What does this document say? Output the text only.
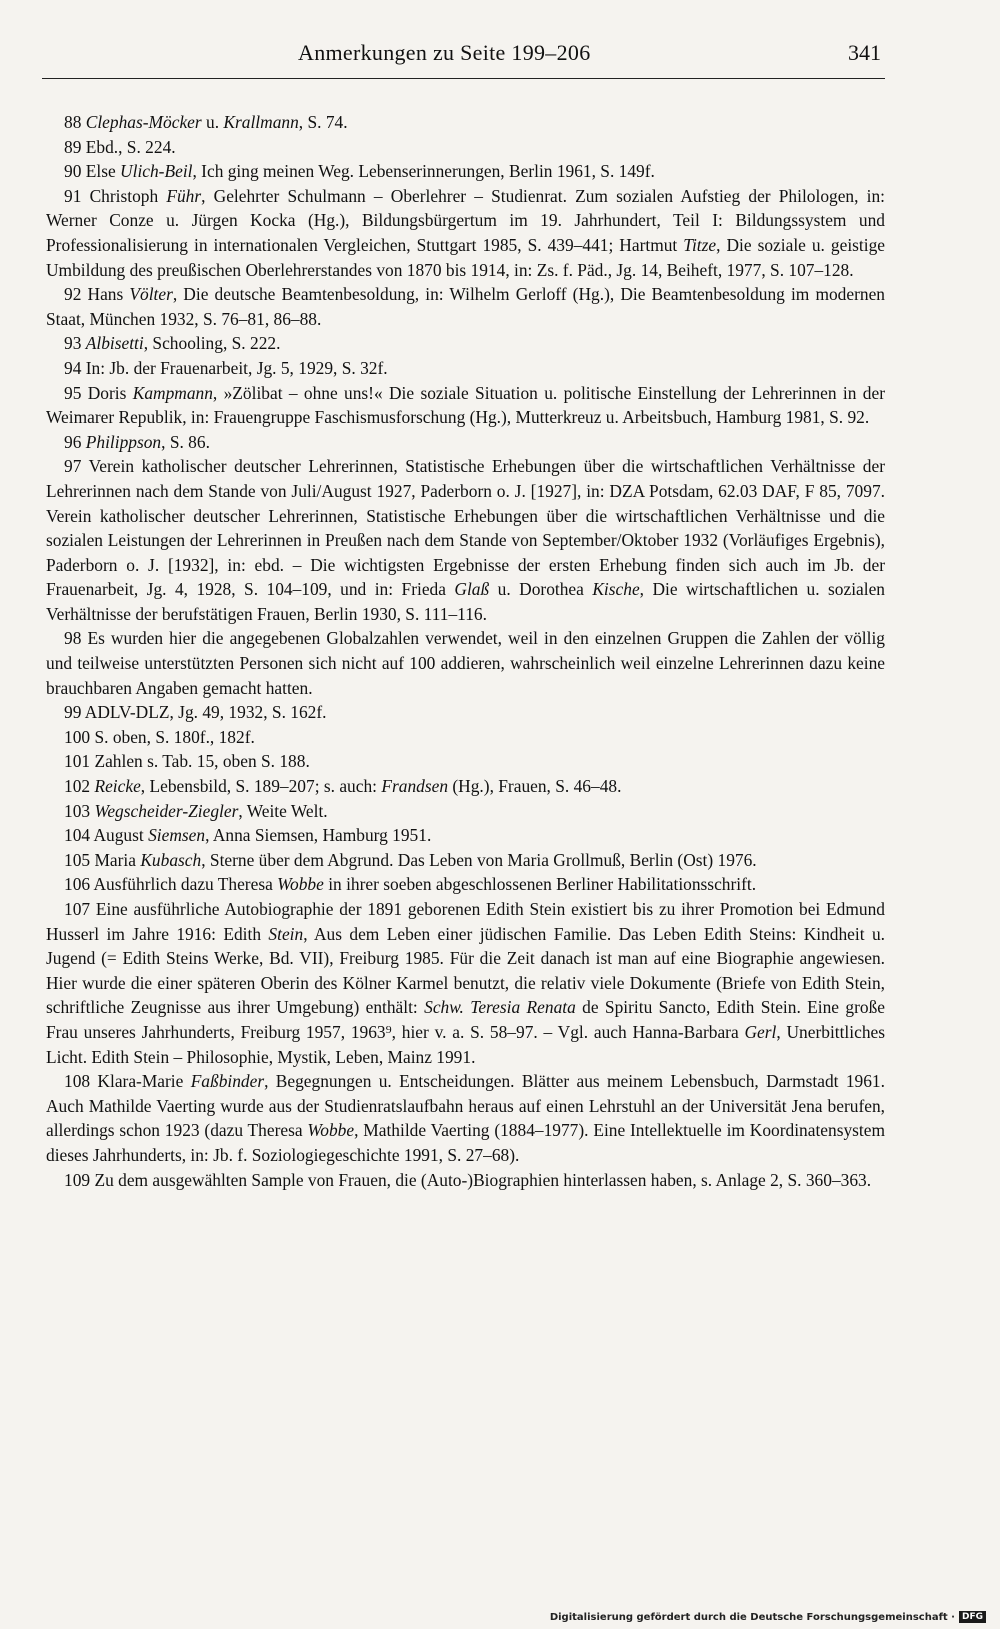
Anmerkungen zu Seite 199–206	341

88 Clephas-Möcker u. Krallmann, S. 74.

89 Ebd., S. 224.

90 Else Ulich-Beil, Ich ging meinen Weg. Lebenserinnerungen, Berlin 1961, S. 149f.

91 Christoph Führ, Gelehrter Schulmann – Oberlehrer – Studienrat. Zum sozialen Aufstieg der Philologen, in: Werner Conze u. Jürgen Kocka (Hg.), Bildungsbürgertum im 19. Jahrhundert, Teil I: Bildungssystem und Professionalisierung in internationalen Vergleichen, Stuttgart 1985, S. 439–441; Hartmut Titze, Die soziale u. geistige Umbildung des preußischen Oberlehrerstandes von 1870 bis 1914, in: Zs. f. Päd., Jg. 14, Beiheft, 1977, S. 107–128.

92 Hans Völter, Die deutsche Beamtenbesoldung, in: Wilhelm Gerloff (Hg.), Die Beamtenbesoldung im modernen Staat, München 1932, S. 76–81, 86–88.

93 Albisetti, Schooling, S. 222.

94 In: Jb. der Frauenarbeit, Jg. 5, 1929, S. 32f.

95 Doris Kampmann, »Zölibat – ohne uns!« Die soziale Situation u. politische Einstellung der Lehrerinnen in der Weimarer Republik, in: Frauengruppe Faschismusforschung (Hg.), Mutterkreuz u. Arbeitsbuch, Hamburg 1981, S. 92.

96 Philippson, S. 86.

97 Verein katholischer deutscher Lehrerinnen, Statistische Erhebungen über die wirtschaftlichen Verhältnisse der Lehrerinnen nach dem Stande von Juli/August 1927, Paderborn o. J. [1927], in: DZA Potsdam, 62.03 DAF, F 85, 7097. Verein katholischer deutscher Lehrerinnen, Statistische Erhebungen über die wirtschaftlichen Verhältnisse und die sozialen Leistungen der Lehrerinnen in Preußen nach dem Stande von September/Oktober 1932 (Vorläufiges Ergebnis), Paderborn o. J. [1932], in: ebd. – Die wichtigsten Ergebnisse der ersten Erhebung finden sich auch im Jb. der Frauenarbeit, Jg. 4, 1928, S. 104–109, und in: Frieda Glaß u. Dorothea Kische, Die wirtschaftlichen u. sozialen Verhältnisse der berufstätigen Frauen, Berlin 1930, S. 111–116.

98 Es wurden hier die angegebenen Globalzahlen verwendet, weil in den einzelnen Gruppen die Zahlen der völlig und teilweise unterstützten Personen sich nicht auf 100 addieren, wahrscheinlich weil einzelne Lehrerinnen dazu keine brauchbaren Angaben gemacht hatten.

99 ADLV-DLZ, Jg. 49, 1932, S. 162f.

100 S. oben, S. 180f., 182f.

101 Zahlen s. Tab. 15, oben S. 188.

102 Reicke, Lebensbild, S. 189–207; s. auch: Frandsen (Hg.), Frauen, S. 46–48.

103 Wegscheider-Ziegler, Weite Welt.

104 August Siemsen, Anna Siemsen, Hamburg 1951.

105 Maria Kubasch, Sterne über dem Abgrund. Das Leben von Maria Grollmuß, Berlin (Ost) 1976.

106 Ausführlich dazu Theresa Wobbe in ihrer soeben abgeschlossenen Berliner Habilitationsschrift.

107 Eine ausführliche Autobiographie der 1891 geborenen Edith Stein existiert bis zu ihrer Promotion bei Edmund Husserl im Jahre 1916: Edith Stein, Aus dem Leben einer jüdischen Familie. Das Leben Edith Steins: Kindheit u. Jugend (= Edith Steins Werke, Bd. VII), Freiburg 1985. Für die Zeit danach ist man auf eine Biographie angewiesen. Hier wurde die einer späteren Oberin des Kölner Karmel benutzt, die relativ viele Dokumente (Briefe von Edith Stein, schriftliche Zeugnisse aus ihrer Umgebung) enthält: Schw. Teresia Renata de Spiritu Sancto, Edith Stein. Eine große Frau unseres Jahrhunderts, Freiburg 1957, 1963⁹, hier v. a. S. 58–97. – Vgl. auch Hanna-Barbara Gerl, Unerbittliches Licht. Edith Stein – Philosophie, Mystik, Leben, Mainz 1991.

108 Klara-Marie Faßbinder, Begegnungen u. Entscheidungen. Blätter aus meinem Lebensbuch, Darmstadt 1961. Auch Mathilde Vaerting wurde aus der Studienratslaufbahn heraus auf einen Lehrstuhl an der Universität Jena berufen, allerdings schon 1923 (dazu Theresa Wobbe, Mathilde Vaerting (1884–1977). Eine Intellektuelle im Koordinatensystem dieses Jahrhunderts, in: Jb. f. Soziologiegeschichte 1991, S. 27–68).

109 Zu dem ausgewählten Sample von Frauen, die (Auto-)Biographien hinterlassen haben, s. Anlage 2, S. 360–363.

Digitalisierung gefördert durch die Deutsche Forschungsgemeinschaft · DFG
